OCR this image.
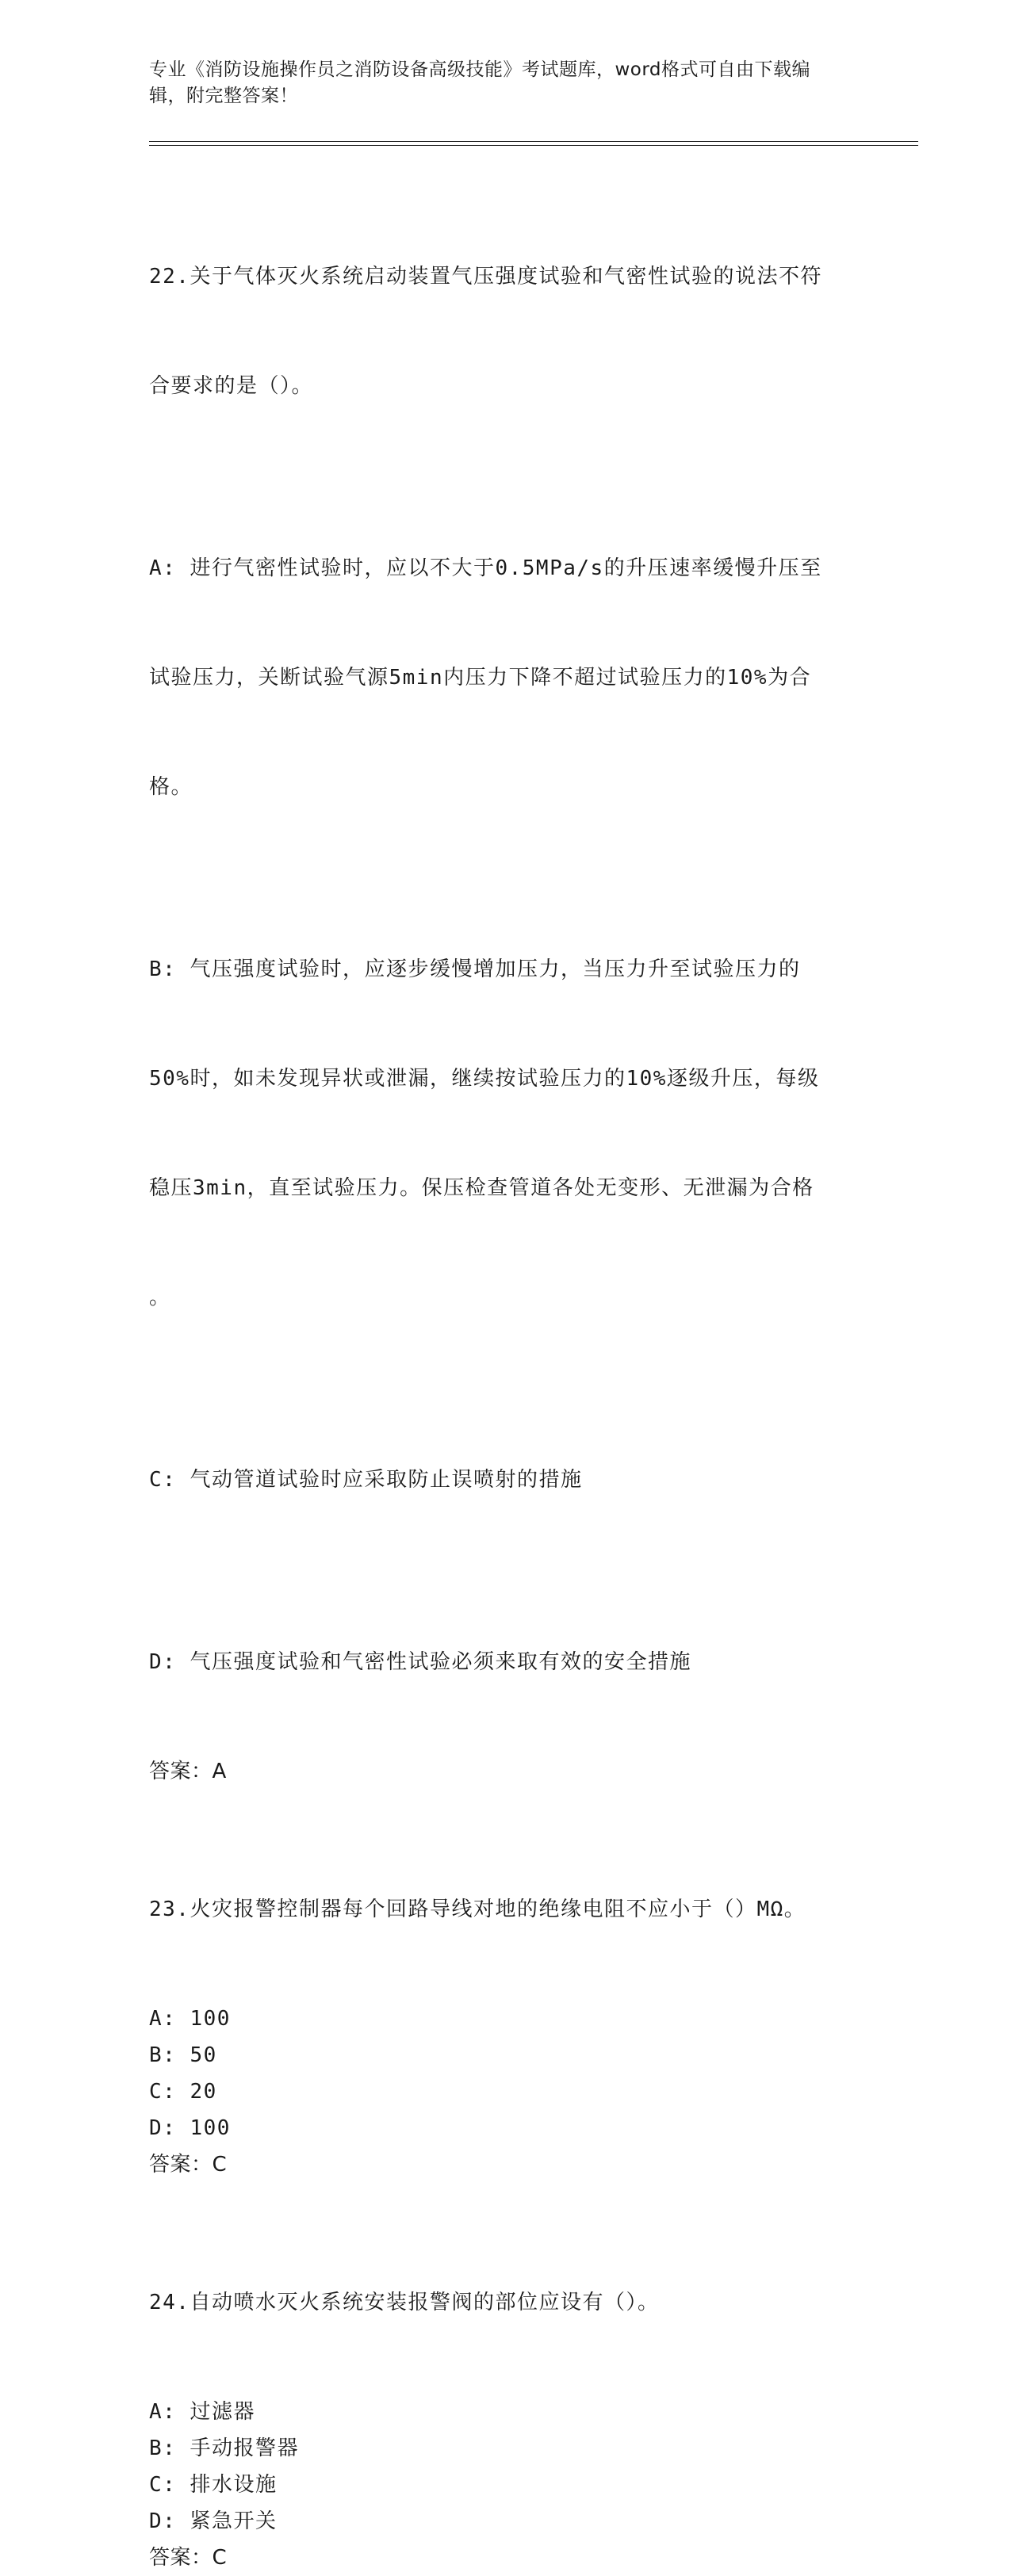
专业《消防设施操作员之消防设备高级技能》考试题库，word格式可自由下载编
辑，附完整答案！

22.关于气体灭火系统启动装置气压强度试验和气密性试验的说法不符

合要求的是（）。

A: 进行气密性试验时，应以不大于0.5MPa/s的升压速率缓慢升压至

试验压力，关断试验气源5min内压力下降不超过试验压力的10%为合

格。

B: 气压强度试验时，应逐步缓慢增加压力，当压力升至试验压力的

50%时，如未发现异状或泄漏，继续按试验压力的10%逐级升压，每级

稳压3min，直至试验压力。保压检查管道各处无变形、无泄漏为合格

。

C: 气动管道试验时应采取防止误喷射的措施

D: 气压强度试验和气密性试验必须来取有效的安全措施

答案：A

23.火灾报警控制器每个回路导线对地的绝缘电阻不应小于（）MΩ。

A: 100
B: 50
C: 20
D: 100
答案：C

24.自动喷水灭火系统安装报警阀的部位应设有（）。

A: 过滤器
B: 手动报警器
C: 排水设施
D: 紧急开关
答案：C
